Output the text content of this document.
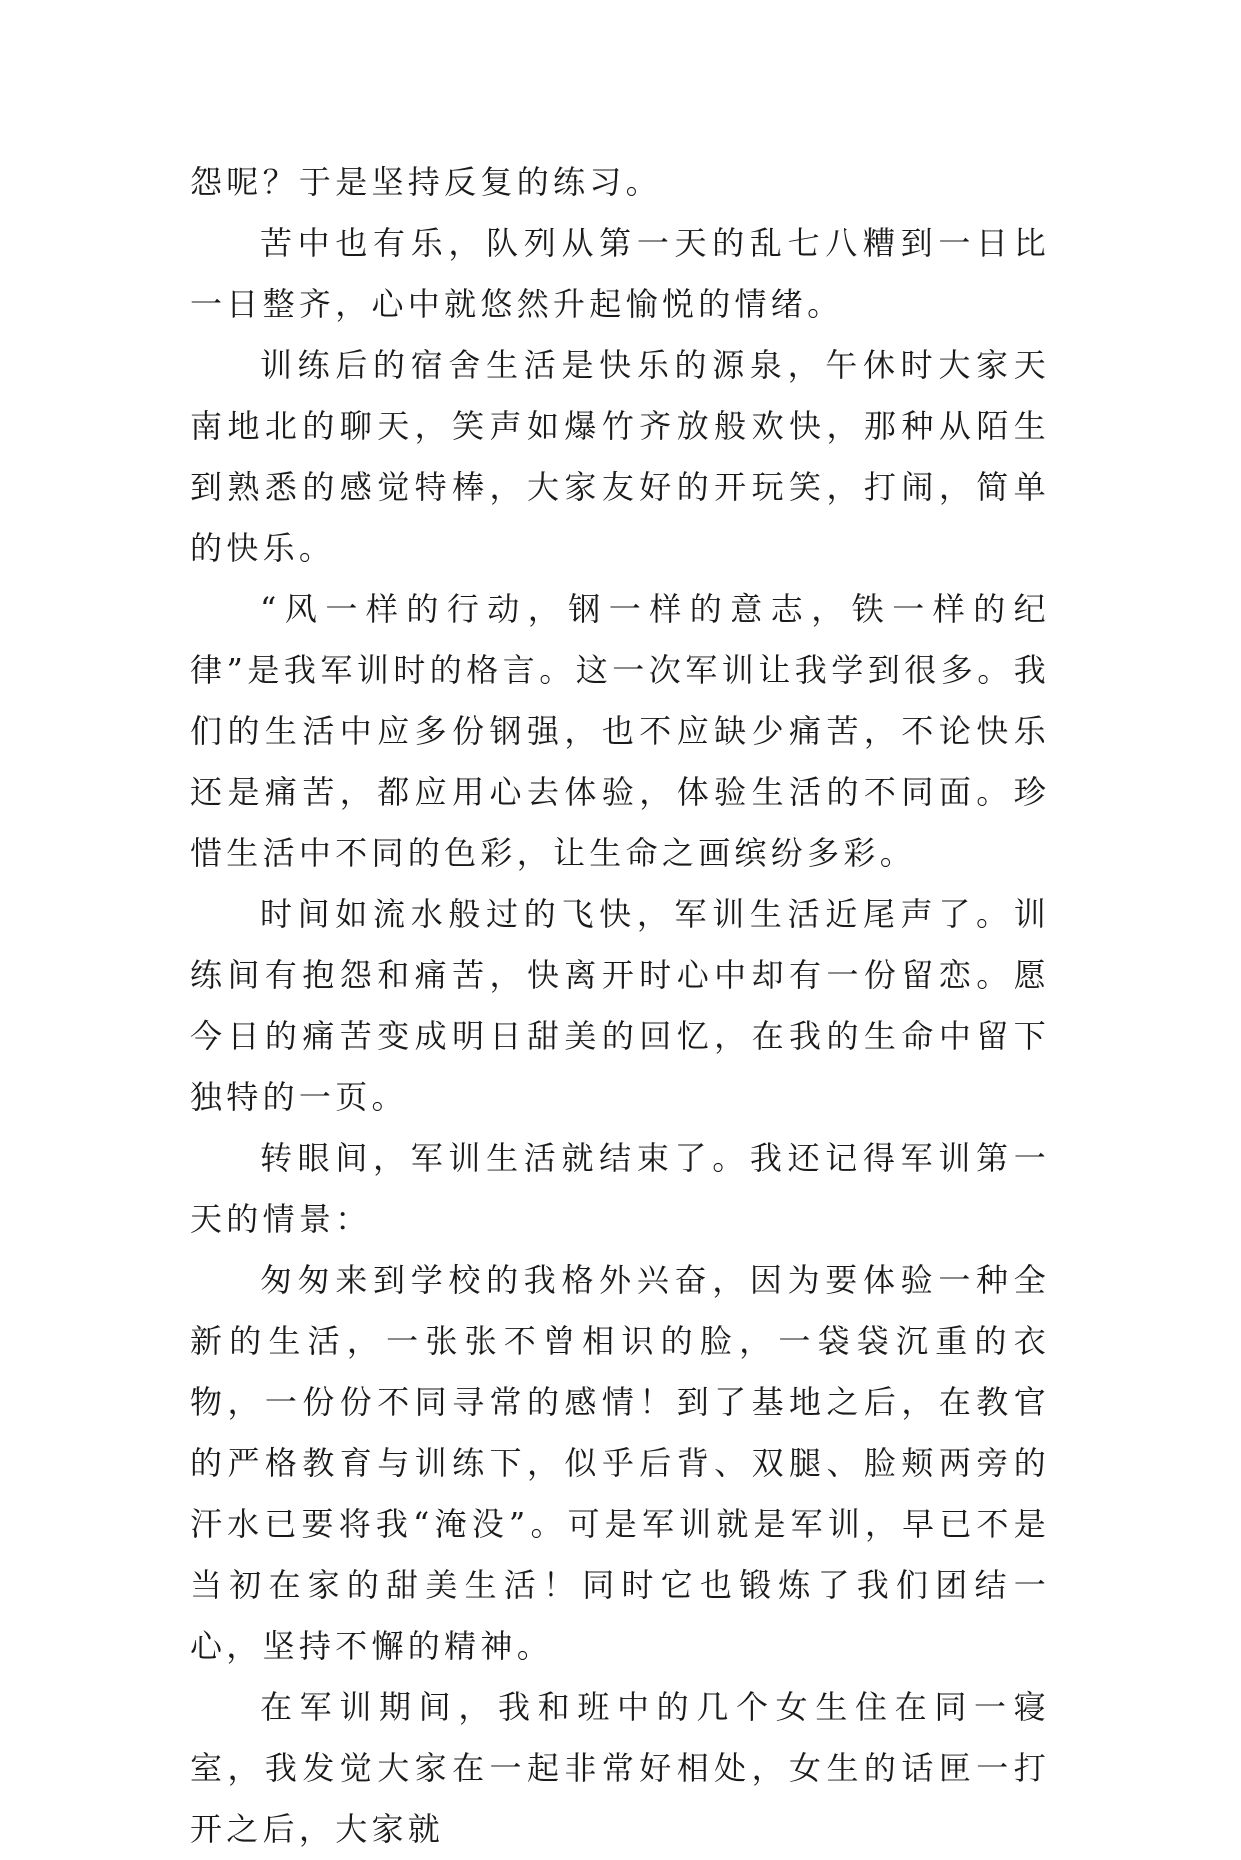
怨呢？于是坚持反复的练习。

苦中也有乐，队列从第一天的乱七八糟到一日比一日整齐，心中就悠然升起愉悦的情绪。

训练后的宿舍生活是快乐的源泉，午休时大家天南地北的聊天，笑声如爆竹齐放般欢快，那种从陌生到熟悉的感觉特棒，大家友好的开玩笑，打闹，简单的快乐。

“风一样的行动，钢一样的意志，铁一样的纪律”是我军训时的格言。这一次军训让我学到很多。我们的生活中应多份钢强，也不应缺少痛苦，不论快乐还是痛苦，都应用心去体验，体验生活的不同面。珍惜生活中不同的色彩，让生命之画缤纷多彩。

时间如流水般过的飞快，军训生活近尾声了。训练间有抱怨和痛苦，快离开时心中却有一份留恋。愿今日的痛苦变成明日甜美的回忆，在我的生命中留下独特的一页。

转眼间，军训生活就结束了。我还记得军训第一天的情景：

匆匆来到学校的我格外兴奋，因为要体验一种全新的生活，一张张不曾相识的脸，一袋袋沉重的衣物，一份份不同寻常的感情！到了基地之后，在教官的严格教育与训练下，似乎后背、双腿、脸颊两旁的汗水已要将我“淹没”。可是军训就是军训，早已不是当初在家的甜美生活！同时它也锻炼了我们团结一心，坚持不懈的精神。

在军训期间，我和班中的几个女生住在同一寝室，我发觉大家在一起非常好相处，女生的话匣一打开之后，大家就
